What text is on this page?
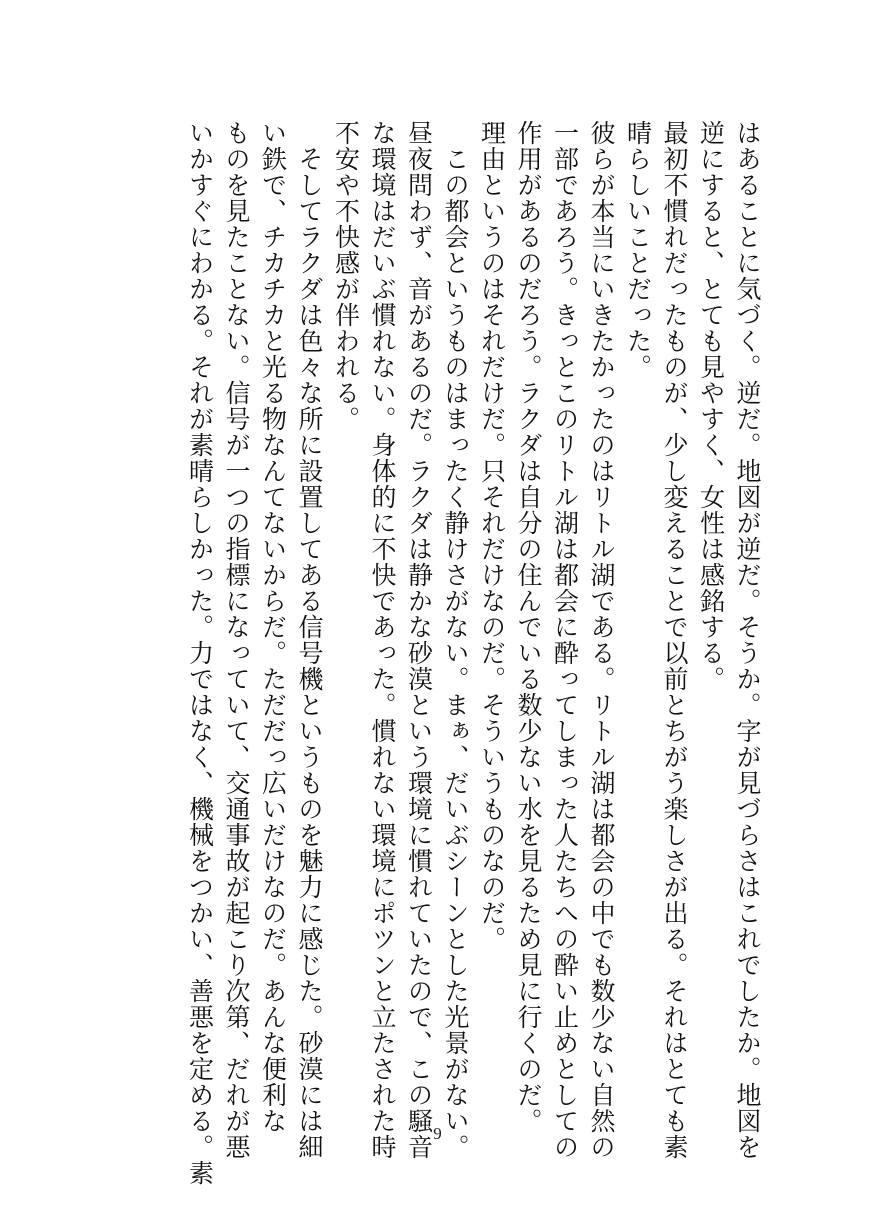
はあることに気づく。逆だ。地図が逆だ。そうか。字が見づらさはこれでしたか。地図を
逆にすると、とても見やすく、女性は感銘する。
最初不慣れだったものが、少し変えることで以前とちがう楽しさが出る。それはとても素
晴らしいことだった。
彼らが本当にいきたかったのはリトル湖である。リトル湖は都会の中でも数少ない自然の
一部であろう。きっとこのリトル湖は都会に酔ってしまった人たちへの酔い止めとしての
作用があるのだろう。ラクダは自分の住んでいる数少ない水を見るため見に行くのだ。
理由というのはそれだけだ。只それだけなのだ。そういうものなのだ。
　この都会というものはまったく静けさがない。まぁ、だいぶシーンとした光景がない。
昼夜問わず、音があるのだ。ラクダは静かな砂漠という環境に慣れていたので、この騒音
な環境はだいぶ慣れない。身体的に不快であった。慣れない環境にポツンと立たされた時
不安や不快感が伴われる。
　そしてラクダは色々な所に設置してある信号機というものを魅力に感じた。砂漠には細
い鉄で、チカチカと光る物なんてないからだ。ただだっ広いだけなのだ。あんな便利な
ものを見たことない。信号が一つの指標になっていて、交通事故が起こり次第、だれが悪
いかすぐにわかる。それが素晴らしかった。力ではなく、機械をつかい、善悪を定める。素	9
